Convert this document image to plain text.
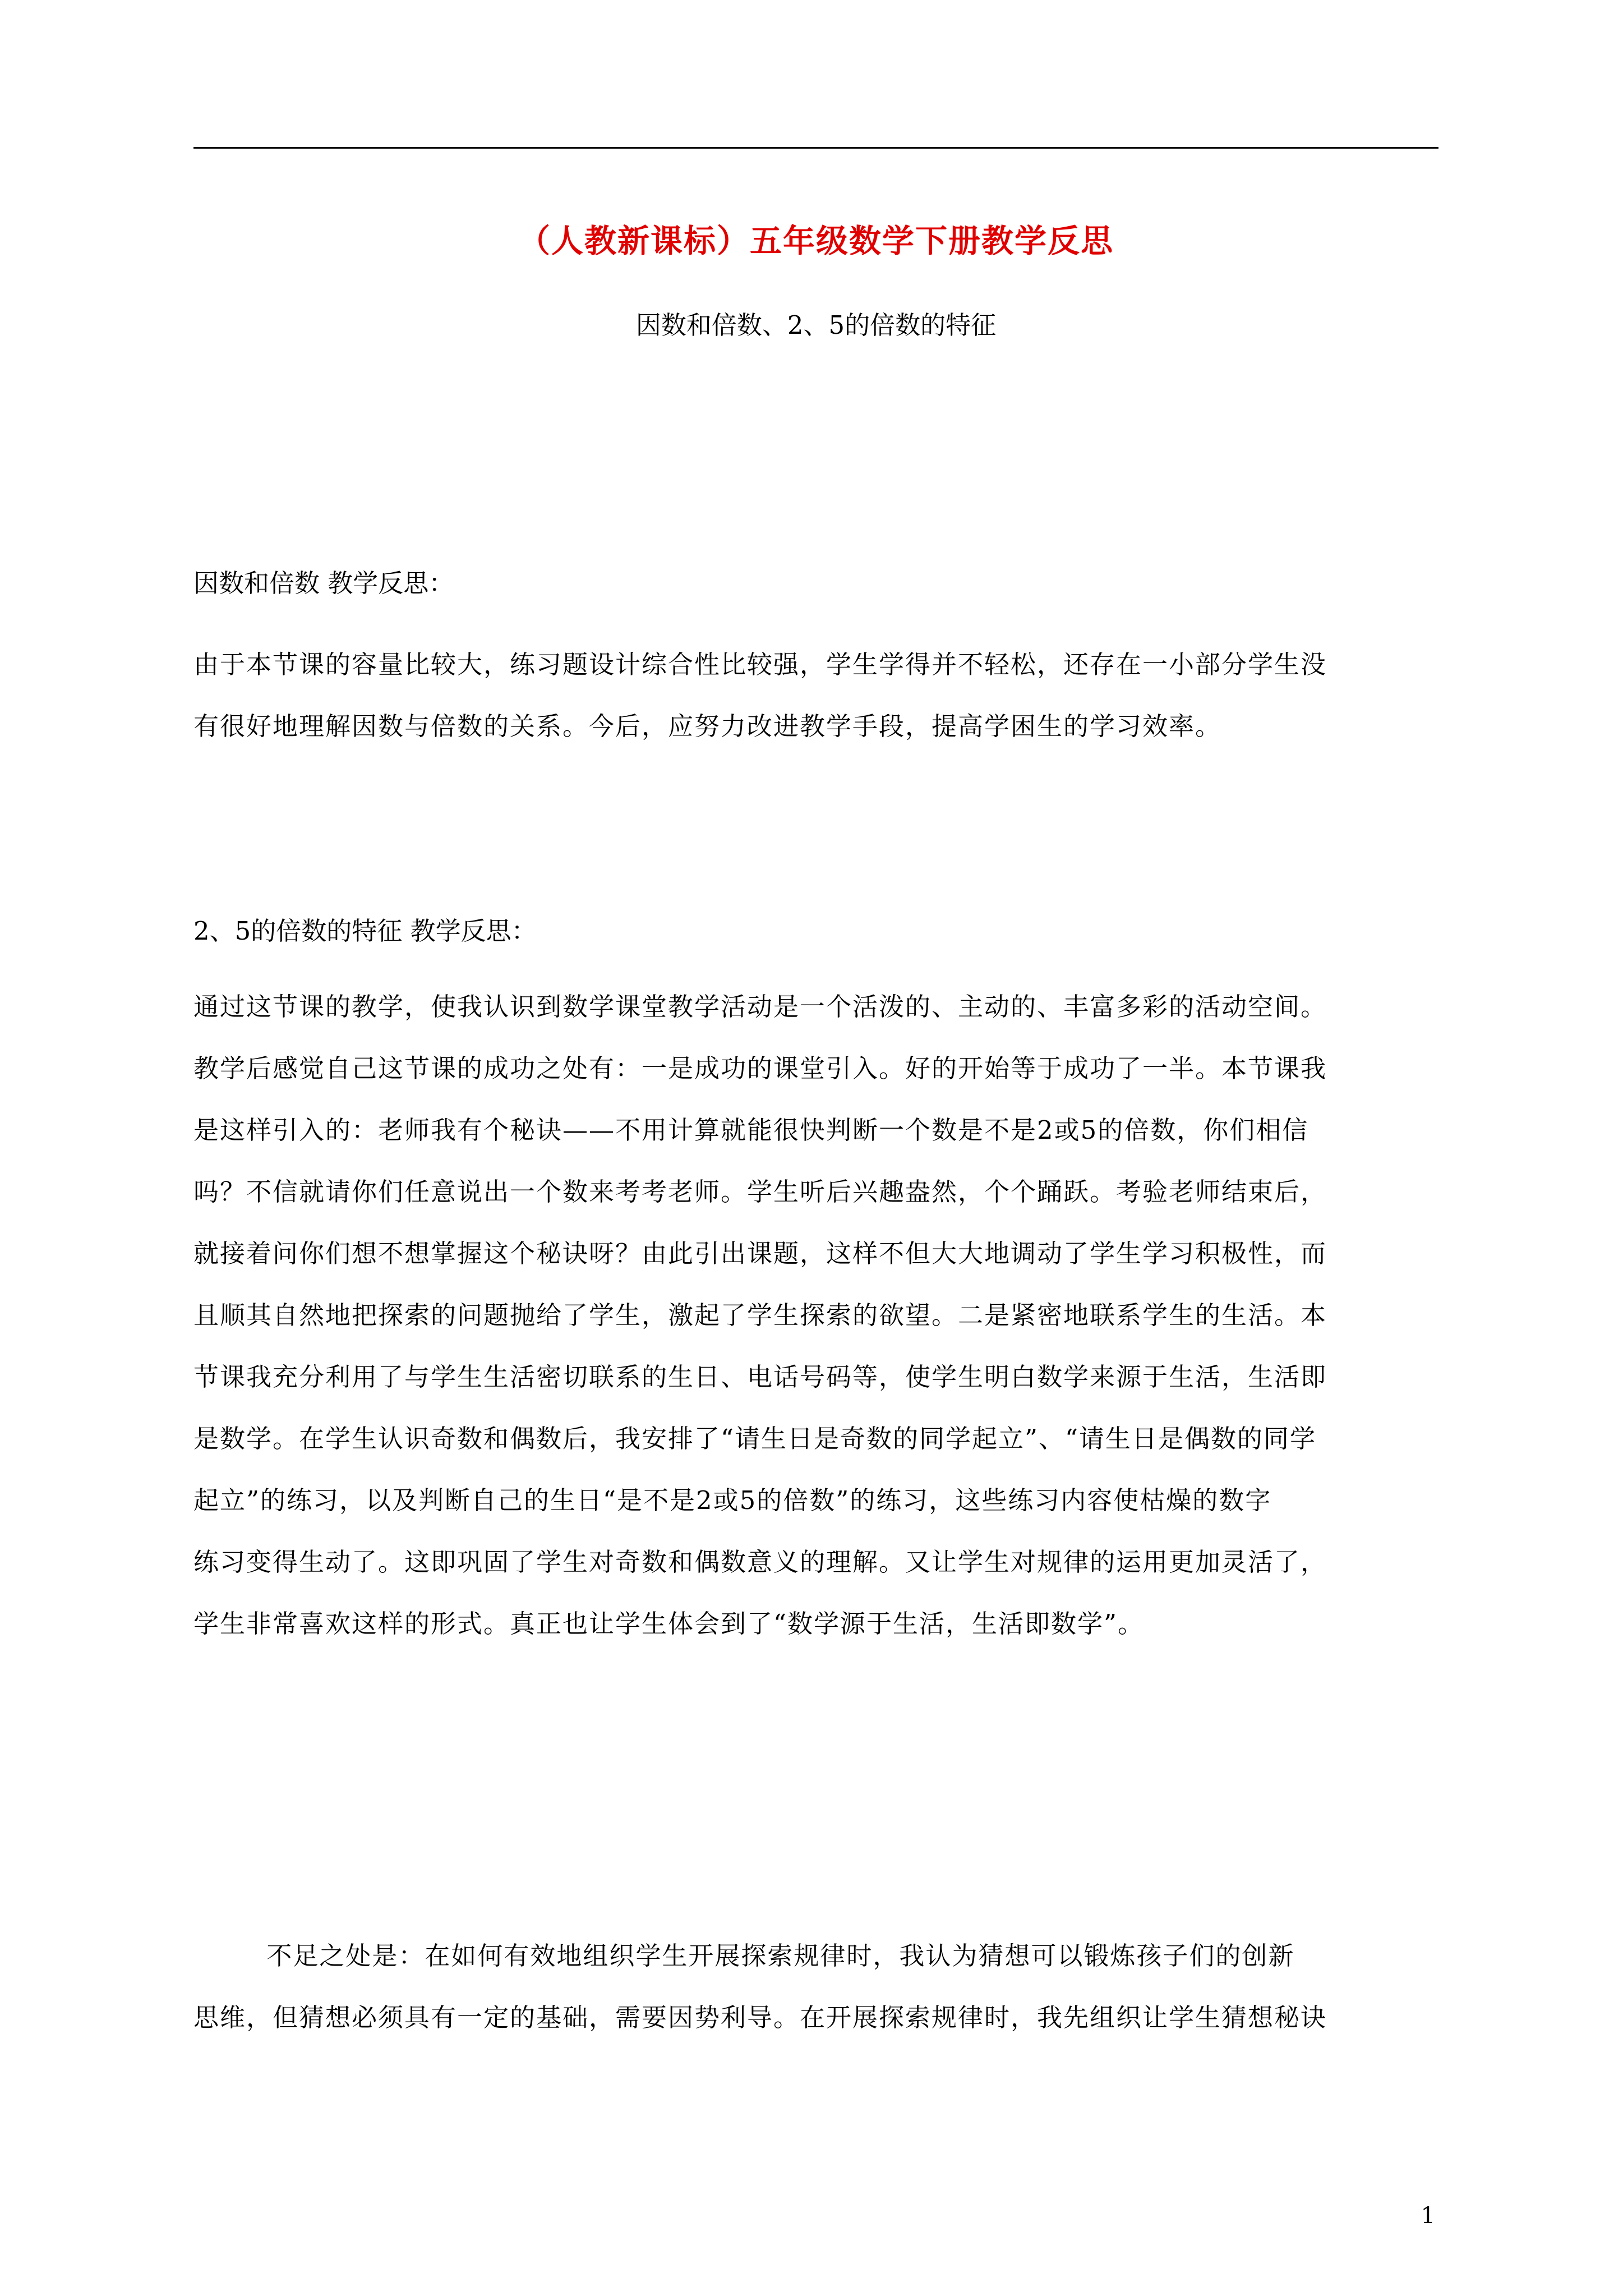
（人教新课标）五年级数学下册教学反思

因数和倍数、2、5的倍数的特征

因数和倍数 教学反思：

由于本节课的容量比较大，练习题设计综合性比较强，学生学得并不轻松，还存在一小部分学生没
有很好地理解因数与倍数的关系。今后，应努力改进教学手段，提高学困生的学习效率。

2、5的倍数的特征 教学反思：

通过这节课的教学，使我认识到数学课堂教学活动是一个活泼的、主动的、丰富多彩的活动空间。
教学后感觉自己这节课的成功之处有：一是成功的课堂引入。好的开始等于成功了一半。本节课我
是这样引入的：老师我有个秘诀——不用计算就能很快判断一个数是不是2或5的倍数，你们相信
吗？不信就请你们任意说出一个数来考考老师。学生听后兴趣盎然，个个踊跃。考验老师结束后，
就接着问你们想不想掌握这个秘诀呀？由此引出课题，这样不但大大地调动了学生学习积极性，而
且顺其自然地把探索的问题抛给了学生，激起了学生探索的欲望。二是紧密地联系学生的生活。本
节课我充分利用了与学生生活密切联系的生日、电话号码等，使学生明白数学来源于生活，生活即
是数学。在学生认识奇数和偶数后，我安排了“请生日是奇数的同学起立”、“请生日是偶数的同学
起立”的练习，以及判断自己的生日“是不是2或5的倍数”的练习，这些练习内容使枯燥的数字
练习变得生动了。这即巩固了学生对奇数和偶数意义的理解。又让学生对规律的运用更加灵活了，
学生非常喜欢这样的形式。真正也让学生体会到了“数学源于生活，生活即数学”。
不足之处是：在如何有效地组织学生开展探索规律时，我认为猜想可以锻炼孩子们的创新
思维，但猜想必须具有一定的基础，需要因势利导。在开展探索规律时，我先组织让学生猜想秘诀
1
